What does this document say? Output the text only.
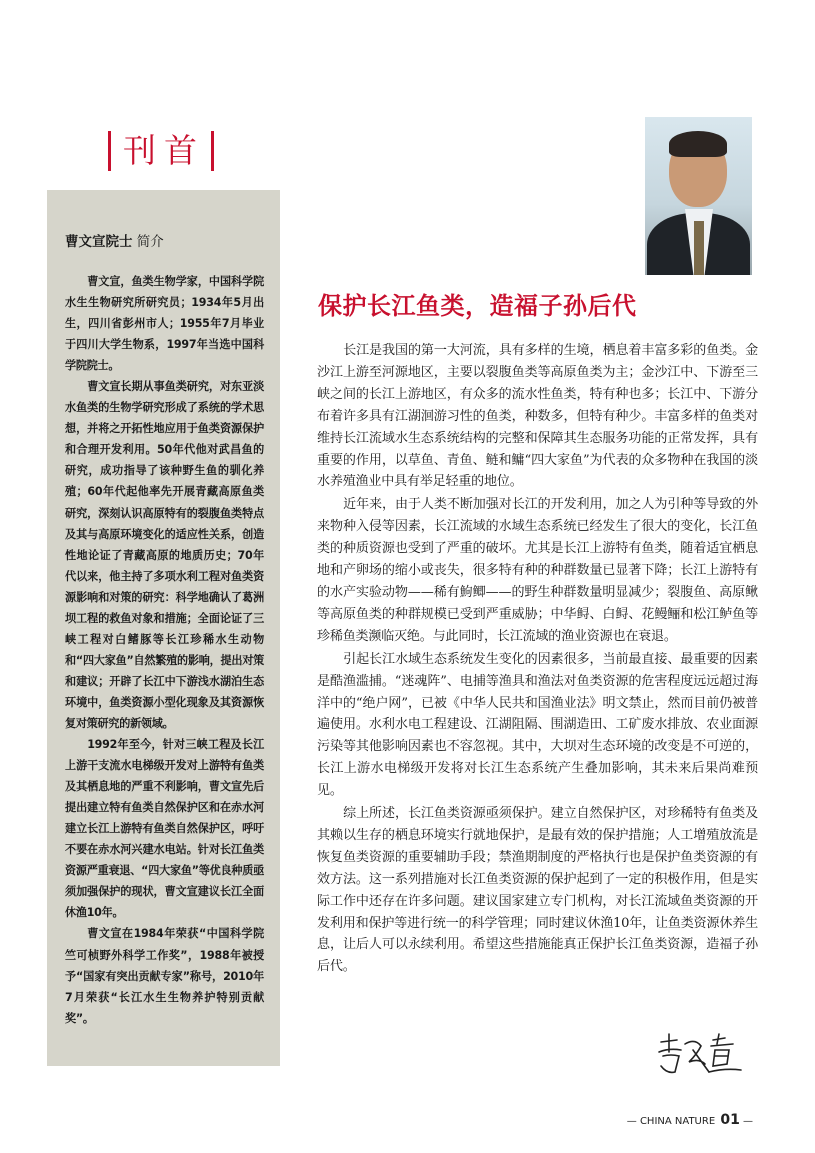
刊首
曹文宣院士 简介

曹文宣，鱼类生物学家，中国科学院水生生物研究所研究员；1934年5月出生，四川省彭州市人；1955年7月毕业于四川大学生物系，1997年当选中国科学院院士。

曹文宣长期从事鱼类研究，对东亚淡水鱼类的生物学研究形成了系统的学术思想，并将之开拓性地应用于鱼类资源保护和合理开发利用。50年代他对武昌鱼的研究，成功指导了该种野生鱼的驯化养殖；60年代起他率先开展青藏高原鱼类研究，深刻认识高原特有的裂腹鱼类特点及其与高原环境变化的适应性关系，创造性地论证了青藏高原的地质历史；70年代以来，他主持了多项水利工程对鱼类资源影响和对策的研究：科学地确认了葛洲坝工程的救鱼对象和措施；全面论证了三峡工程对白鳍豚等长江珍稀水生动物和“四大家鱼”自然繁殖的影响，提出对策和建议；开辟了长江中下游浅水湖泊生态环境中，鱼类资源小型化现象及其资源恢复对策研究的新领域。

1992年至今，针对三峡工程及长江上游干支流水电梯级开发对上游特有鱼类及其栖息地的严重不利影响，曹文宣先后提出建立特有鱼类自然保护区和在赤水河建立长江上游特有鱼类自然保护区，呼吁不要在赤水河兴建水电站。针对长江鱼类资源严重衰退、“四大家鱼”等优良种质亟须加强保护的现状，曹文宣建议长江全面休渔10年。

曹文宣在1984年荣获“中国科学院竺可桢野外科学工作奖”，1988年被授予“国家有突出贡献专家”称号，2010年7月荣获“长江水生生物养护特别贡献奖”。

保护长江鱼类，造福子孙后代

长江是我国的第一大河流，具有多样的生境，栖息着丰富多彩的鱼类。金沙江上游至河源地区，主要以裂腹鱼类等高原鱼类为主；金沙江中、下游至三峡之间的长江上游地区，有众多的流水性鱼类，特有种也多；长江中、下游分布着许多具有江湖洄游习性的鱼类，种数多，但特有种少。丰富多样的鱼类对维持长江流域水生态系统结构的完整和保障其生态服务功能的正常发挥，具有重要的作用，以草鱼、青鱼、鲢和鳙“四大家鱼”为代表的众多物种在我国的淡水养殖渔业中具有举足轻重的地位。

近年来，由于人类不断加强对长江的开发利用，加之人为引种等导致的外来物种入侵等因素，长江流域的水域生态系统已经发生了很大的变化，长江鱼类的种质资源也受到了严重的破坏。尤其是长江上游特有鱼类，随着适宜栖息地和产卵场的缩小或丧失，很多特有种的种群数量已显著下降；长江上游特有的水产实验动物——稀有鮈鲫——的野生种群数量明显减少；裂腹鱼、高原鳅等高原鱼类的种群规模已受到严重威胁；中华鲟、白鲟、花鳗鲡和松江鲈鱼等珍稀鱼类濒临灭绝。与此同时，长江流域的渔业资源也在衰退。

引起长江水域生态系统发生变化的因素很多，当前最直接、最重要的因素是酷渔滥捕。“迷魂阵”、电捕等渔具和渔法对鱼类资源的危害程度远远超过海洋中的“绝户网”，已被《中华人民共和国渔业法》明文禁止，然而目前仍被普遍使用。水利水电工程建设、江湖阻隔、围湖造田、工矿废水排放、农业面源污染等其他影响因素也不容忽视。其中，大坝对生态环境的改变是不可逆的，长江上游水电梯级开发将对长江生态系统产生叠加影响，其未来后果尚难预见。

综上所述，长江鱼类资源亟须保护。建立自然保护区，对珍稀特有鱼类及其赖以生存的栖息环境实行就地保护，是最有效的保护措施；人工增殖放流是恢复鱼类资源的重要辅助手段；禁渔期制度的严格执行也是保护鱼类资源的有效方法。这一系列措施对长江鱼类资源的保护起到了一定的积极作用，但是实际工作中还存在许多问题。建议国家建立专门机构，对长江流域鱼类资源的开发利用和保护等进行统一的科学管理；同时建议休渔10年，让鱼类资源休养生息，让后人可以永续利用。希望这些措施能真正保护长江鱼类资源，造福子孙后代。

— CHINA NATURE 01 —
